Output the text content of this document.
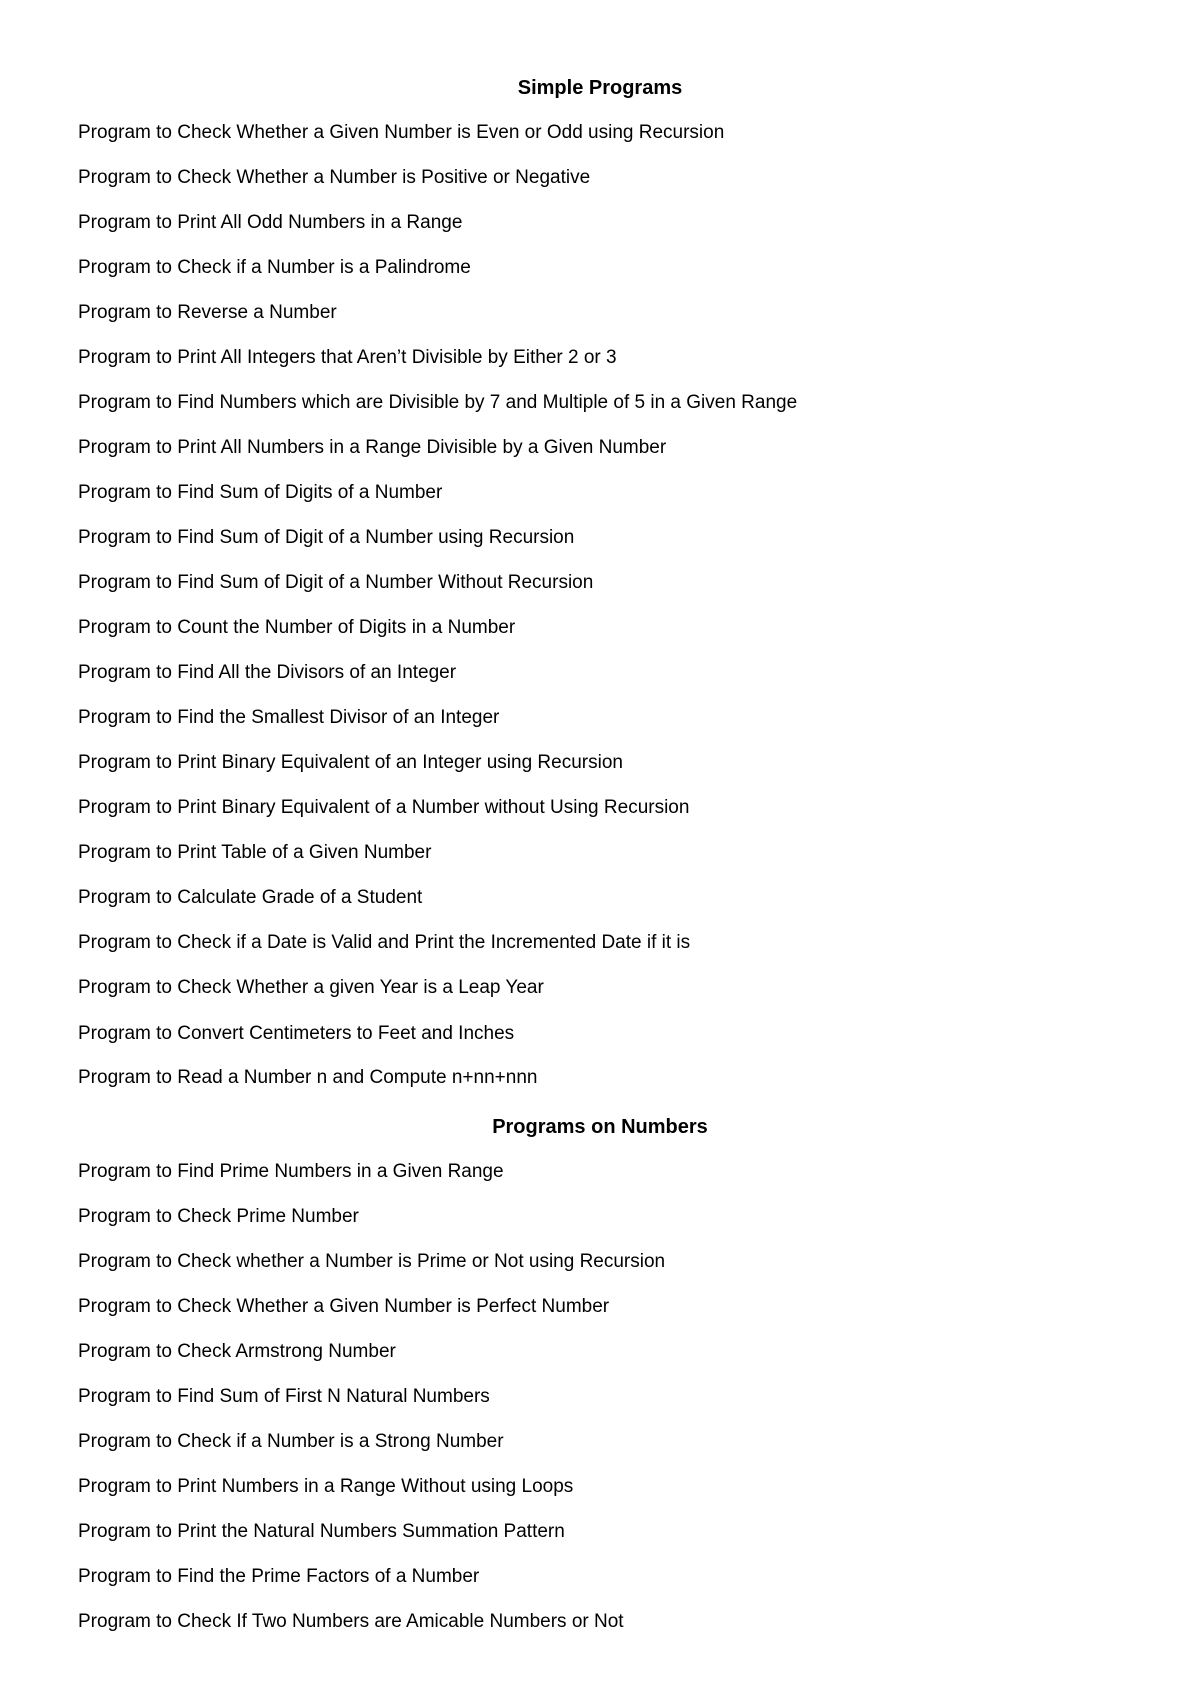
Simple Programs
Program to Check Whether a Given Number is Even or Odd using Recursion
Program to Check Whether a Number is Positive or Negative
Program to Print All Odd Numbers in a Range
Program to Check if a Number is a Palindrome
Program to Reverse a Number
Program to Print All Integers that Aren’t Divisible by Either 2 or 3
Program to Find Numbers which are Divisible by 7 and Multiple of 5 in a Given Range
Program to Print All Numbers in a Range Divisible by a Given Number
Program to Find Sum of Digits of a Number
Program to Find Sum of Digit of a Number using Recursion
Program to Find Sum of Digit of a Number Without Recursion
Program to Count the Number of Digits in a Number
Program to Find All the Divisors of an Integer
Program to Find the Smallest Divisor of an Integer
Program to Print Binary Equivalent of an Integer using Recursion
Program to Print Binary Equivalent of a Number without Using Recursion
Program to Print Table of a Given Number
Program to Calculate Grade of a Student
Program to Check if a Date is Valid and Print the Incremented Date if it is
Program to Check Whether a given Year is a Leap Year
Program to Convert Centimeters to Feet and Inches
Program to Read a Number n and Compute n+nn+nnn
Programs on Numbers
Program to Find Prime Numbers in a Given Range
Program to Check Prime Number
Program to Check whether a Number is Prime or Not using Recursion
Program to Check Whether a Given Number is Perfect Number
Program to Check Armstrong Number
Program to Find Sum of First N Natural Numbers
Program to Check if a Number is a Strong Number
Program to Print Numbers in a Range Without using Loops
Program to Print the Natural Numbers Summation Pattern
Program to Find the Prime Factors of a Number
Program to Check If Two Numbers are Amicable Numbers or Not
